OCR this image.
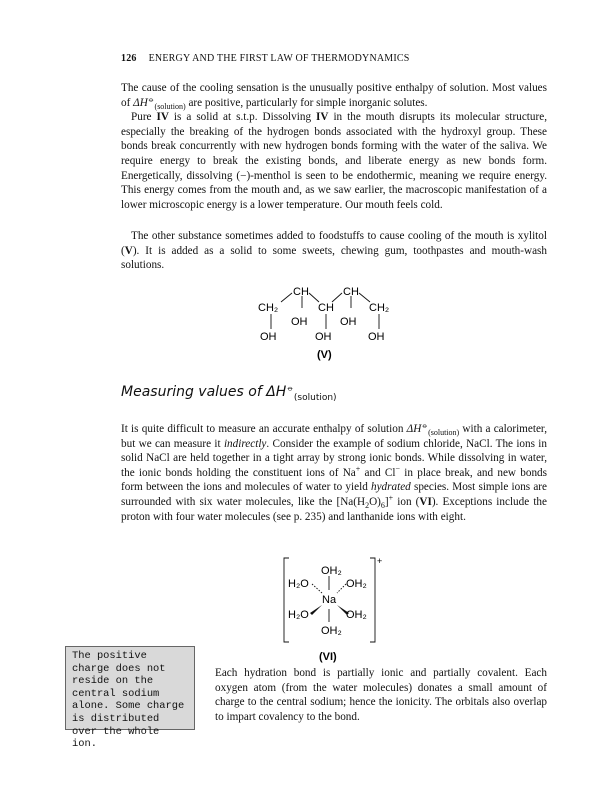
126 ENERGY AND THE FIRST LAW OF THERMODYNAMICS

The cause of the cooling sensation is the unusually positive enthalpy of solution. Most values of $\Delta H^⦵_{(solution)}$ are positive, particularly for simple inorganic solutes.

Pure IV is a solid at s.t.p. Dissolving IV in the mouth disrupts its molecular structure, especially the breaking of the hydrogen bonds associated with the hydroxyl group. These bonds break concurrently with new hydrogen bonds forming with the water of the saliva. We require energy to break the existing bonds, and liberate energy as new bonds form. Energetically, dissolving (−)-menthol is seen to be endothermic, meaning we require energy. This energy comes from the mouth and, as we saw earlier, the macroscopic manifestation of a lower microscopic energy is a lower temperature. Our mouth feels cold.

The other substance sometimes added to foodstuffs to cause cooling of the mouth is xylitol (V). It is added as a solid to some sweets, chewing gum, toothpastes and mouth-wash solutions.

CH	CH
CH₂	CH	CH₂
OH	OH
OH	OH	OH
(V)
Measuring values of $\Delta H^⦵_{(solution)}$

It is quite difficult to measure an accurate enthalpy of solution $\Delta H^⦵_{(solution)}$ with a calorimeter, but we can measure it indirectly. Consider the example of sodium chloride, NaCl. The ions in solid NaCl are held together in a tight array by strong ionic bonds. While dissolving in water, the ionic bonds holding the constituent ions of Na+ and Cl− in place break, and new bonds form between the ions and molecules of water to yield hydrated species. Most simple ions are surrounded with six water molecules, like the $[Na(H_2O)_6]^+$ ion (VI). Exceptions include the proton with four water molecules (see p. 235) and lanthanide ions with eight.

OH₂
H₂O	OH₂
Na
H₂O	OH₂
OH₂
+
(VI)
The positive charge does not reside on the central sodium alone. Some charge is distributed over the whole ion.

Each hydration bond is partially ionic and partially covalent. Each oxygen atom (from the water molecules) donates a small amount of charge to the central sodium; hence the ionicity. The orbitals also overlap to impart covalency to the bond.
